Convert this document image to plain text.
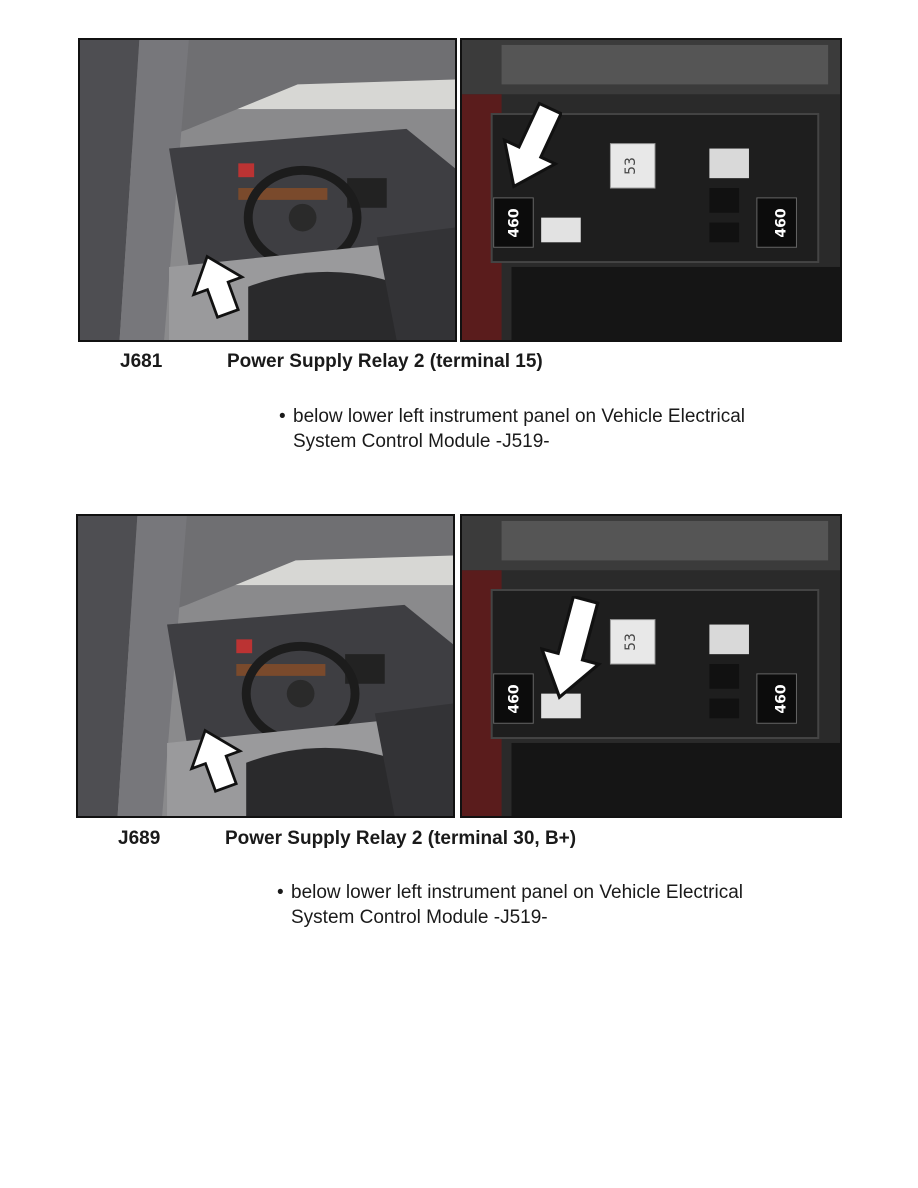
460
53
460
J681	Power Supply Relay 2 (terminal 15)
• below lower left instrument panel on Vehicle Electrical
System Control Module -J519-
460
53
460
J689	Power Supply Relay 2 (terminal 30, B+)
• below lower left instrument panel on Vehicle Electrical
System Control Module -J519-
